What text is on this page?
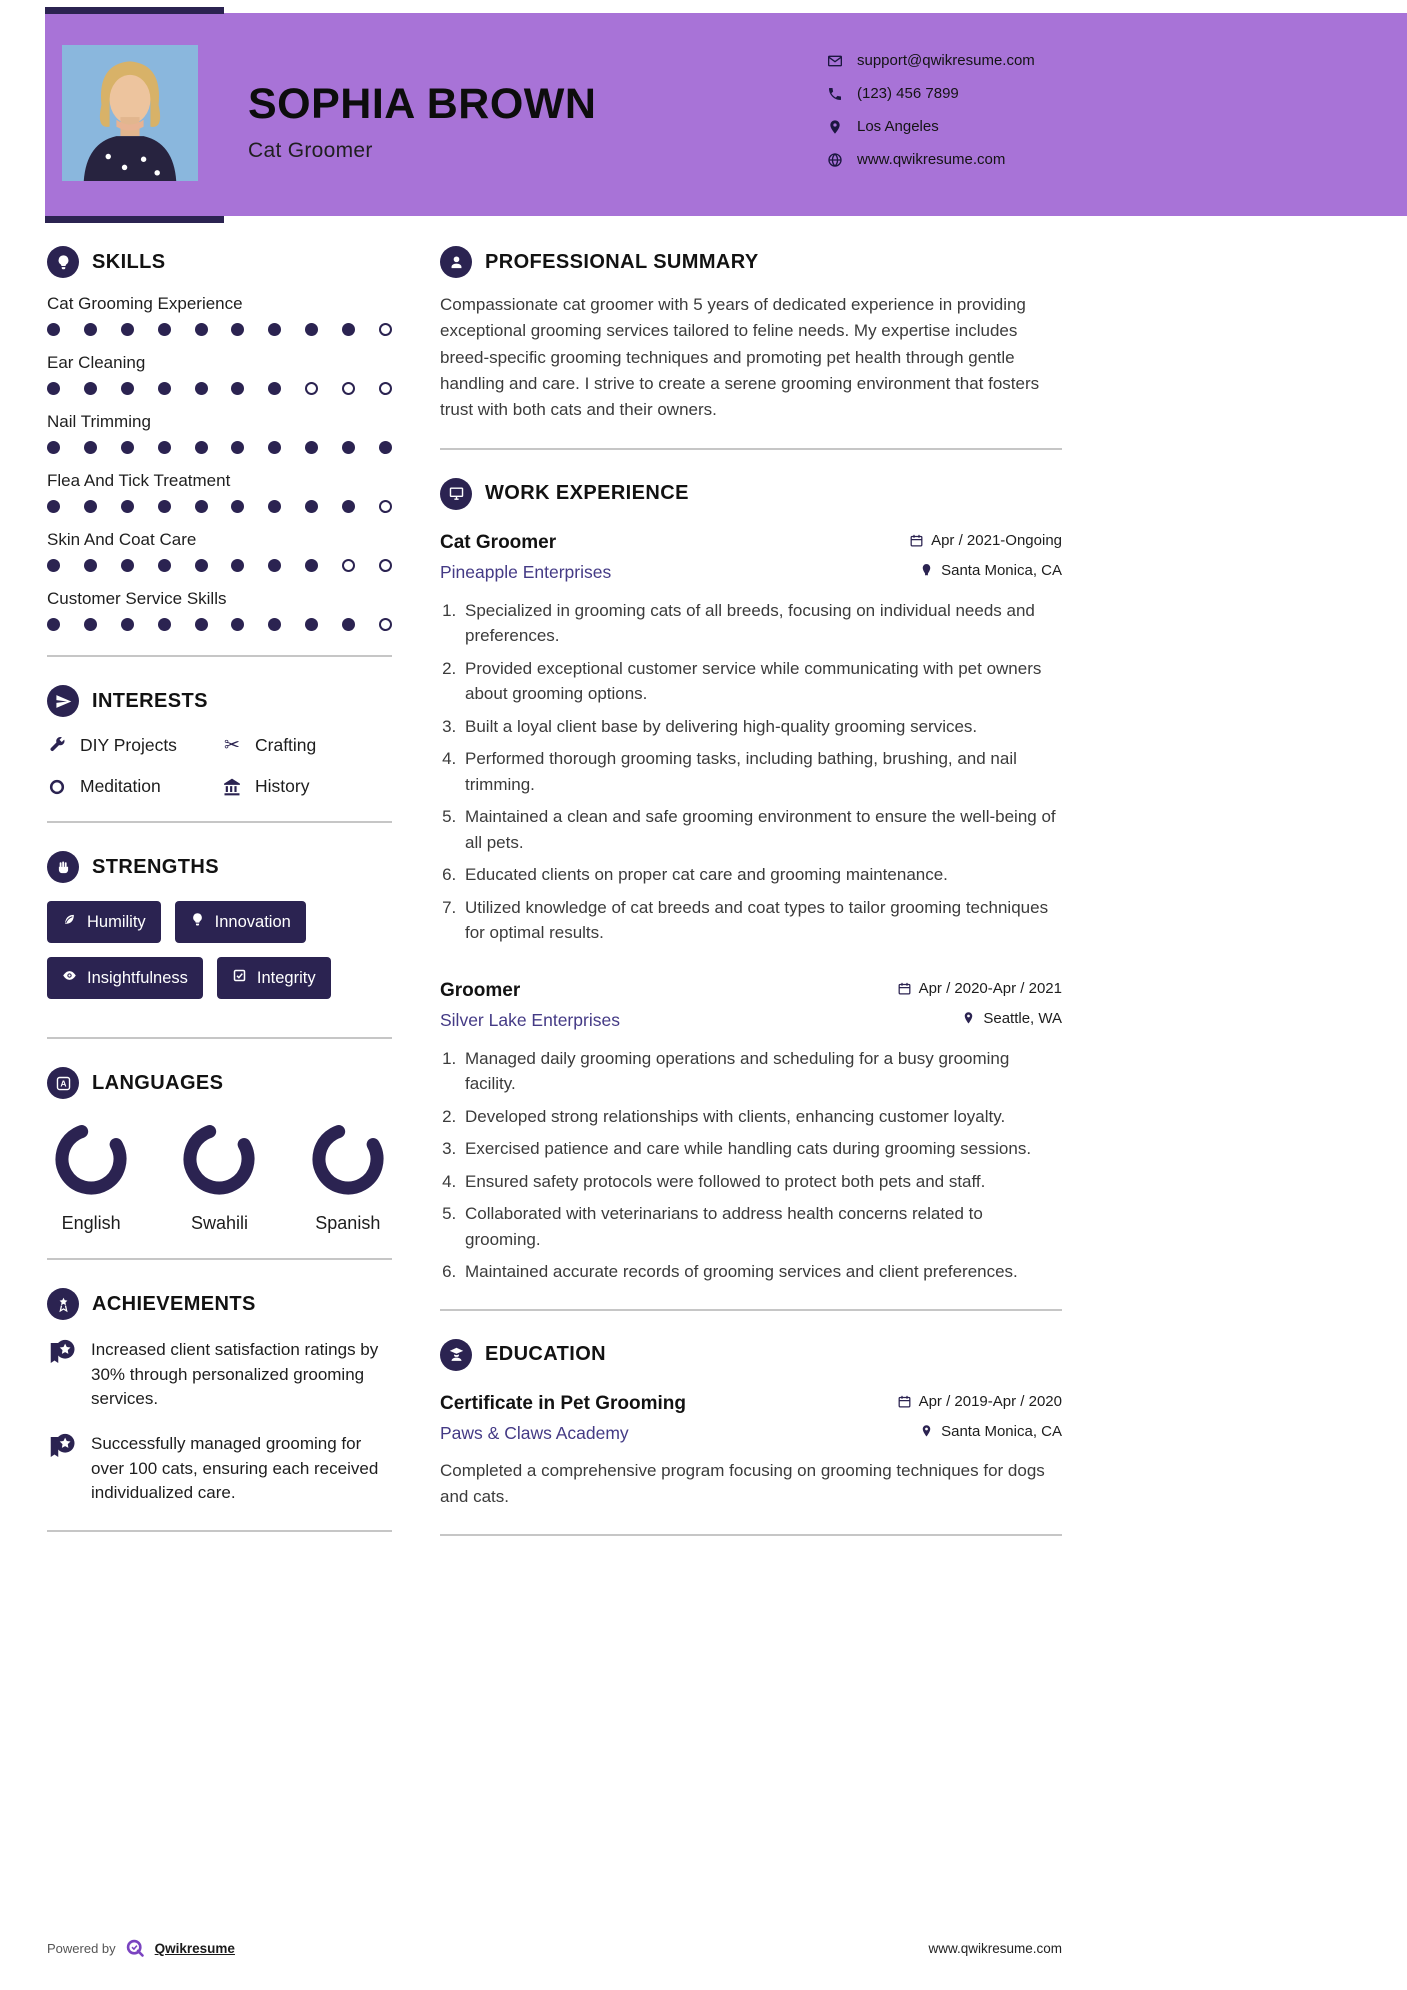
SOPHIA BROWN
Cat Groomer
support@qwikresume.com
(123) 456 7899
Los Angeles
www.qwikresume.com
SKILLS
Cat Grooming Experience
Ear Cleaning
Nail Trimming
Flea And Tick Treatment
Skin And Coat Care
Customer Service Skills
INTERESTS
DIY Projects ✂ Crafting
Meditation	History
STRENGTHS
Humility	Innovation

Insightfulness	Integrity
A LANGUAGES
English	Swahili	Spanish
ACHIEVEMENTS
Increased client satisfaction ratings by 30% through personalized grooming services.
Successfully managed grooming for over 100 cats, ensuring each received individualized care.
PROFESSIONAL SUMMARY

Compassionate cat groomer with 5 years of dedicated experience in providing exceptional grooming services tailored to feline needs. My expertise includes breed-specific grooming techniques and promoting pet health through gentle handling and care. I strive to create a serene grooming environment that fosters trust with both cats and their owners.

WORK EXPERIENCE
Cat Groomer	Apr / 2021-Ongoing
Pineapple Enterprises	Santa Monica, CA
1. Specialized in grooming cats of all breeds, focusing on individual needs and preferences.
2. Provided exceptional customer service while communicating with pet owners about grooming options.
3. Built a loyal client base by delivering high-quality grooming services.
4. Performed thorough grooming tasks, including bathing, brushing, and nail trimming.
5. Maintained a clean and safe grooming environment to ensure the well-being of all pets.
6. Educated clients on proper cat care and grooming maintenance.
7. Utilized knowledge of cat breeds and coat types to tailor grooming techniques for optimal results.
Groomer	Apr / 2020-Apr / 2021
Silver Lake Enterprises	Seattle, WA
1. Managed daily grooming operations and scheduling for a busy grooming facility.
2. Developed strong relationships with clients, enhancing customer loyalty.
3. Exercised patience and care while handling cats during grooming sessions.
4. Ensured safety protocols were followed to protect both pets and staff.
5. Collaborated with veterinarians to address health concerns related to grooming.
6. Maintained accurate records of grooming services and client preferences.
EDUCATION
Certificate in Pet Grooming	Apr / 2019-Apr / 2020
Paws & Claws Academy	Santa Monica, CA

Completed a comprehensive program focusing on grooming techniques for dogs and cats.

Powered by	Qwikresume	www.qwikresume.com
